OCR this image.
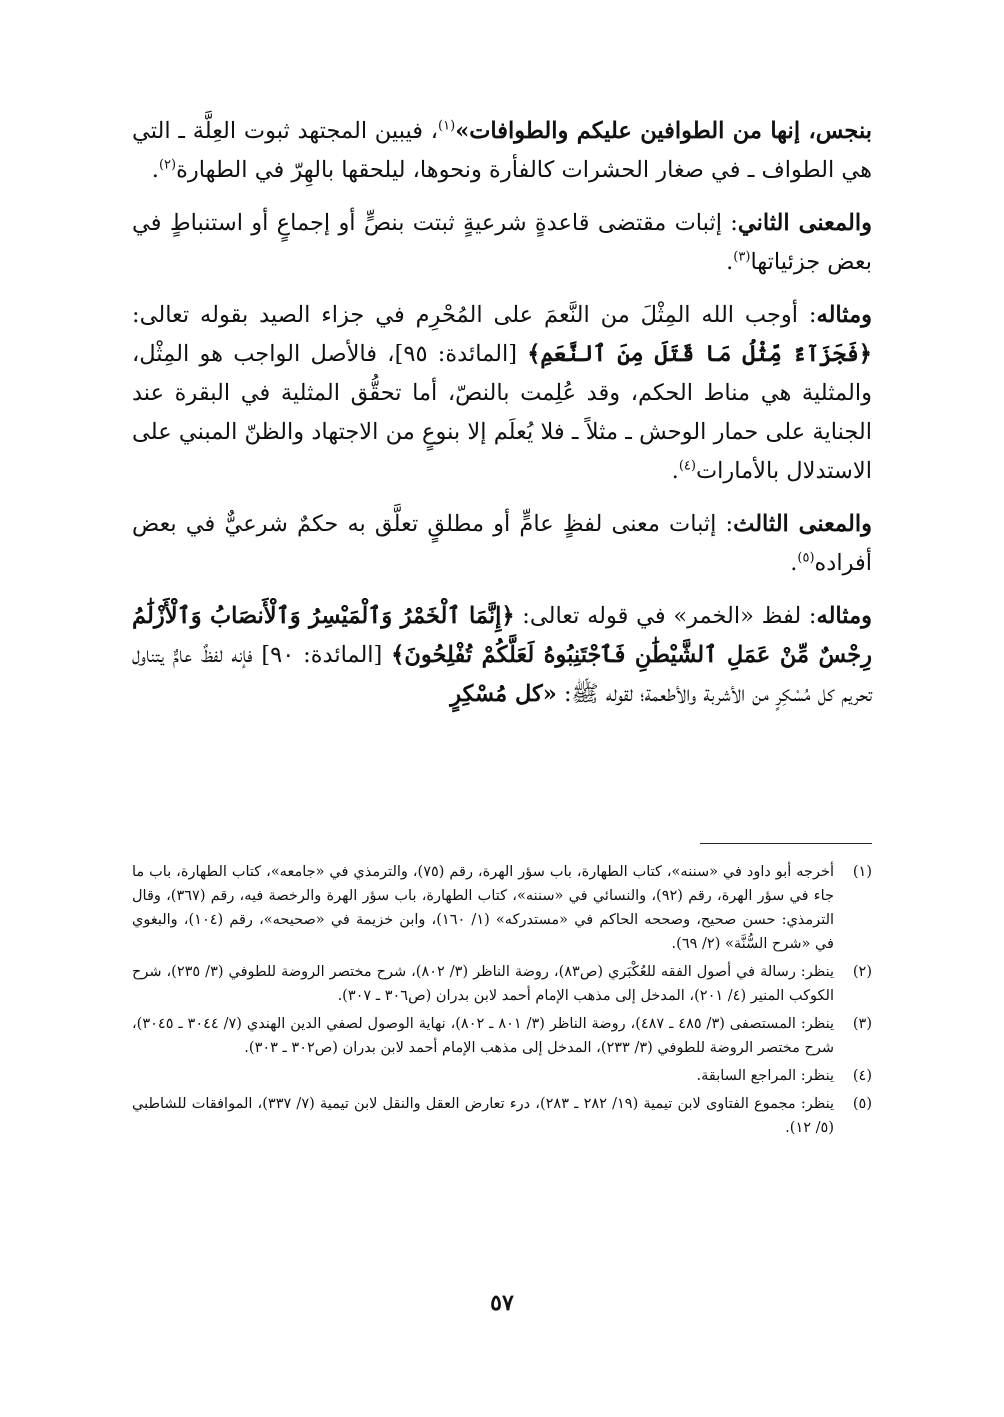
بنجس، إنها من الطوافين عليكم والطوافات»$^{(١)}$، فيبين المجتهد ثبوت العِلَّة ـ التي هي الطواف ـ في صغار الحشرات كالفأرة ونحوها، ليلحقها بالهِرّ في الطهارة$^{(٢)}$.

والمعنى الثاني: إثبات مقتضى قاعدةٍ شرعيةٍ ثبتت بنصٍّ أو إجماعٍ أو استنباطٍ في بعض جزئياتها$^{(٣)}$.

ومثاله: أوجب الله المِثْلَ من النَّعمَ على المُحْرِم في جزاء الصيد بقوله تعالى: ﴿فَجَزَآءٌ مِّثْلُ مَا قَتَلَ مِنَ ٱلنَّعَمِ﴾ [المائدة: ٩٥]، فالأصل الواجب هو المِثْل، والمثلية هي مناط الحكم، وقد عُلِمت بالنصّ، أما تحقُّق المثلية في البقرة عند الجناية على حمار الوحش ـ مثلاً ـ فلا يُعلَم إلا بنوعٍ من الاجتهاد والظنّ المبني على الاستدلال بالأمارات$^{(٤)}$.

والمعنى الثالث: إثبات معنى لفظٍ عامٍّ أو مطلقٍ تعلَّق به حكمٌ شرعيٌّ في بعض أفراده$^{(٥)}$.

ومثاله: لفظ «الخمر» في قوله تعالى: ﴿إِنَّمَا ٱلْخَمْرُ وَٱلْمَيْسِرُ وَٱلْأَنصَابُ وَٱلْأَزْلَٰمُ رِجْسٌ مِّنْ عَمَلِ ٱلشَّيْطَٰنِ فَٱجْتَنِبُوهُ لَعَلَّكُمْ تُفْلِحُونَ﴾ [المائدة: ٩٠] فإنه لفظٌ عامٌّ يتناول تحريم كل مُسْكِرٍ من الأشربة والأطعمة؛ لقوله ﷺ: «كل مُسْكِرٍ

(١)
أخرجه أبو داود في «سننه»، كتاب الطهارة، باب سؤر الهرة، رقم (٧٥)، والترمذي في «جامعه»، كتاب الطهارة، باب ما جاء في سؤر الهرة، رقم (٩٢)، والنسائي في «سننه»، كتاب الطهارة، باب سؤر الهرة والرخصة فيه، رقم (٣٦٧)، وقال الترمذي: حسن صحيح، وصححه الحاكم في «مستدركه» (١/ ١٦٠)، وابن خزيمة في «صحيحه»، رقم (١٠٤)، والبغوي في «شرح السُّنَّة» (٢/ ٦٩).
(٢)
ينظر: رسالة في أصول الفقه للعُكْبَري (ص٨٣)، روضة الناظر (٣/ ٨٠٢)، شرح مختصر الروضة للطوفي (٣/ ٢٣٥)، شرح الكوكب المنير (٤/ ٢٠١)، المدخل إلى مذهب الإمام أحمد لابن بدران (ص٣٠٦ ـ ٣٠٧).
(٣)
ينظر: المستصفى (٣/ ٤٨٥ ـ ٤٨٧)، روضة الناظر (٣/ ٨٠١ ـ ٨٠٢)، نهاية الوصول لصفي الدين الهندي (٧/ ٣٠٤٤ ـ ٣٠٤٥)، شرح مختصر الروضة للطوفي (٣/ ٢٣٣)، المدخل إلى مذهب الإمام أحمد لابن بدران (ص٣٠٢ ـ ٣٠٣).
(٤)
ينظر: المراجع السابقة.
(٥)
ينظر: مجموع الفتاوى لابن تيمية (١٩/ ٢٨٢ ـ ٢٨٣)، درء تعارض العقل والنقل لابن تيمية (٧/ ٣٣٧)، الموافقات للشاطبي (٥/ ١٢).
٥٧
